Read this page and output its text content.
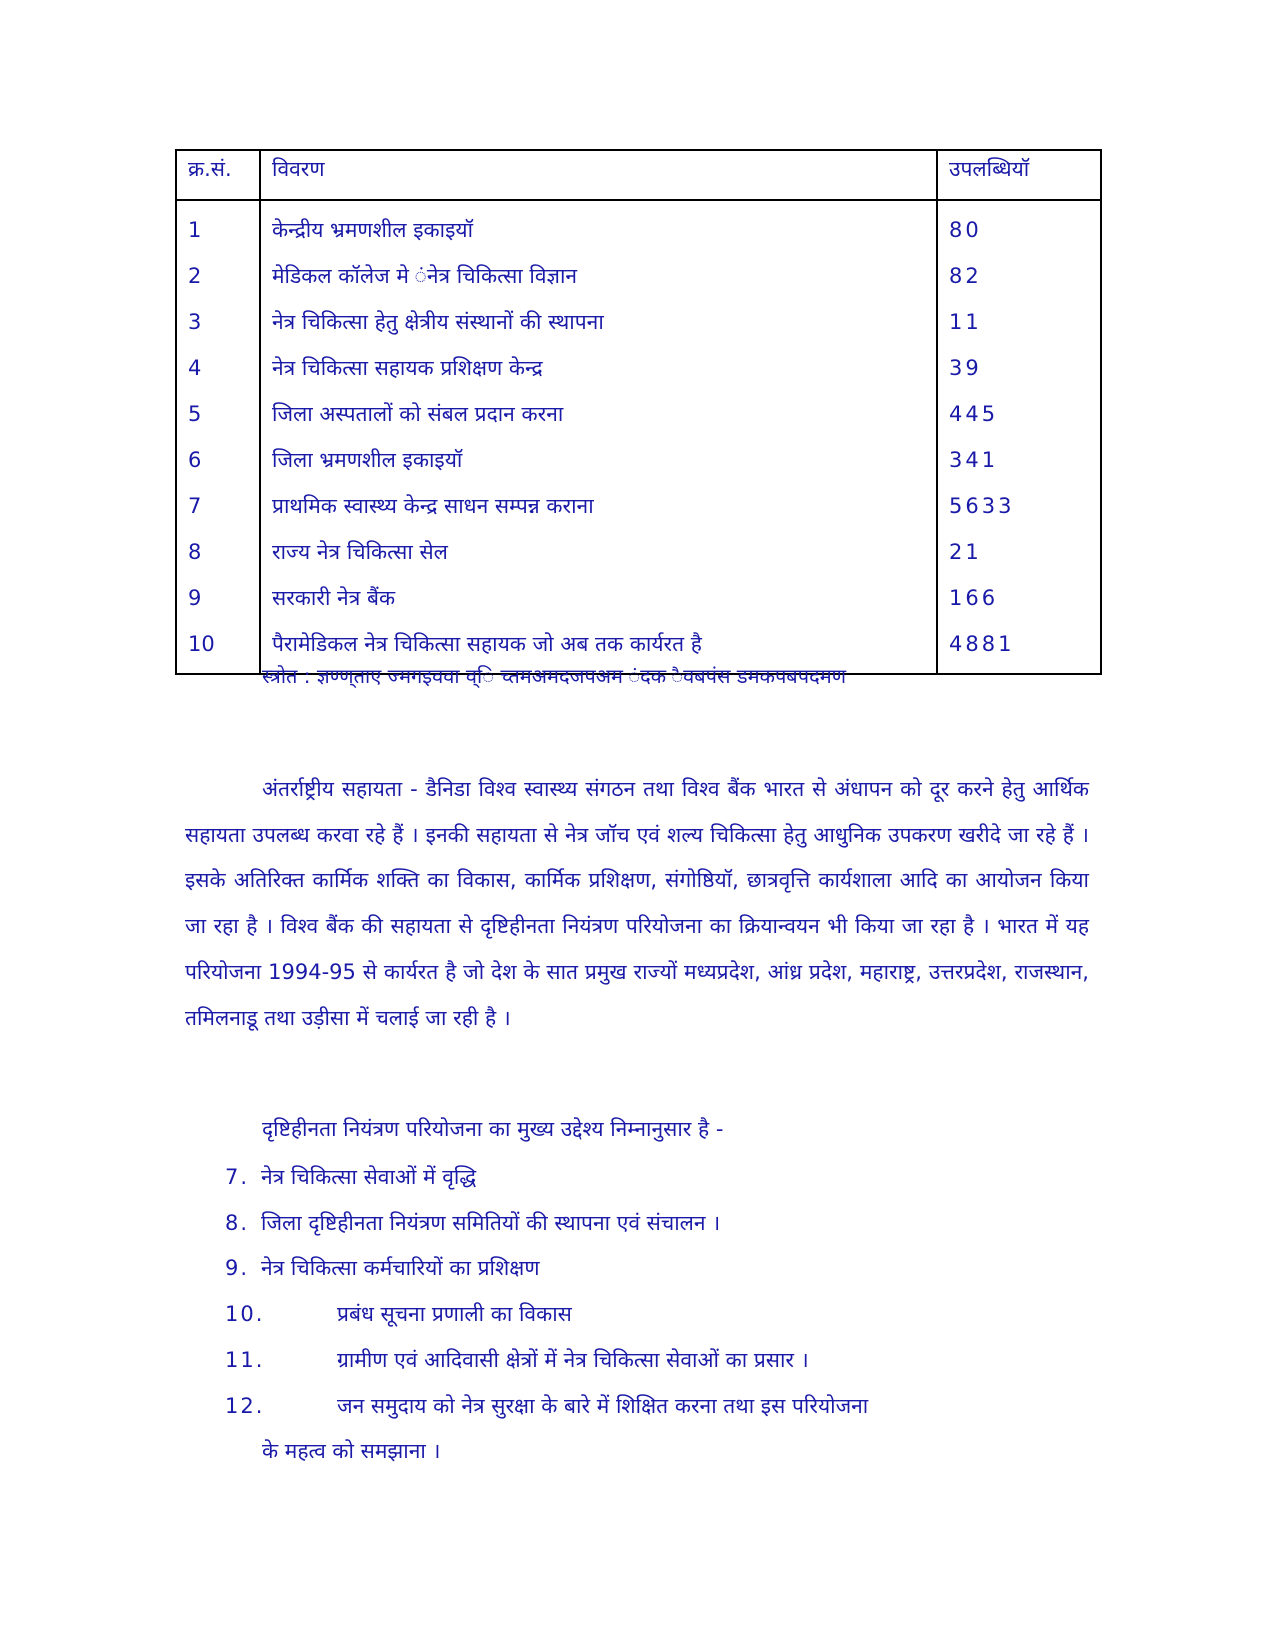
क्र.सं.	विवरण	उपलब्धियॉ
1	केन्द्रीय भ्रमणशील इकाइयॉ	80
2	मेडिकल कॉलेज मे ंनेत्र चिकित्सा विज्ञान	82
3	नेत्र चिकित्सा हेतु क्षेत्रीय संस्थानों की स्थापना	11
4	नेत्र चिकित्सा सहायक प्रशिक्षण केन्द्र	39
5	जिला अस्पतालों को संबल प्रदान करना	445
6	जिला भ्रमणशील इकाइयॉ	341
7	प्राथमिक स्वास्थ्य केन्द्र साधन सम्पन्न कराना	5633
8	राज्य नेत्र चिकित्सा सेल	21
9	सरकारी नेत्र बैंक	166
10	पैरामेडिकल नेत्र चिकित्सा सहायक जो अब तक कार्यरत है	4881
स्त्रोत : ज्ञण्ण्‌ताए ज्मगइववा व्ि च्तमअमदजपअम ंदक ैवबपंस डमकपबपदमण

अंतर्राष्ट्रीय सहायता - डैनिडा विश्व स्वास्थ्य संगठन तथा विश्व बैंक भारत से अंधापन को दूर करने हेतु आर्थिक सहायता उपलब्ध करवा रहे हैं । इनकी सहायता से नेत्र जॉच एवं शल्य चिकित्सा हेतु आधुनिक उपकरण खरीदे जा रहे हैं । इसके अतिरिक्त कार्मिक शक्ति का विकास, कार्मिक प्रशिक्षण, संगोष्ठियॉ, छात्रवृत्ति कार्यशाला आदि का आयोजन किया जा रहा है । विश्व बैंक की सहायता से दृष्टिहीनता नियंत्रण परियोजना का क्रियान्वयन भी किया जा रहा है । भारत में यह परियोजना 1994-95 से कार्यरत है जो देश के सात प्रमुख राज्यों मध्यप्रदेश, आंध्र प्रदेश, महाराष्ट्र, उत्तरप्रदेश, राजस्थान, तमिलनाडू तथा उड़ीसा में चलाई जा रही है ।

दृष्टिहीनता नियंत्रण परियोजना का मुख्य उद्देश्य निम्नानुसार है -
7. नेत्र चिकित्सा सेवाओं में वृद्धि
8. जिला दृष्टिहीनता नियंत्रण समितियों की स्थापना एवं संचालन ।
9. नेत्र चिकित्सा कर्मचारियों का प्रशिक्षण
10.	प्रबंध सूचना प्रणाली का विकास
11.	ग्रामीण एवं आदिवासी क्षेत्रों में नेत्र चिकित्सा सेवाओं का प्रसार ।
12.	जन समुदाय को नेत्र सुरक्षा के बारे में शिक्षित करना तथा इस परियोजना
के महत्व को समझाना ।
